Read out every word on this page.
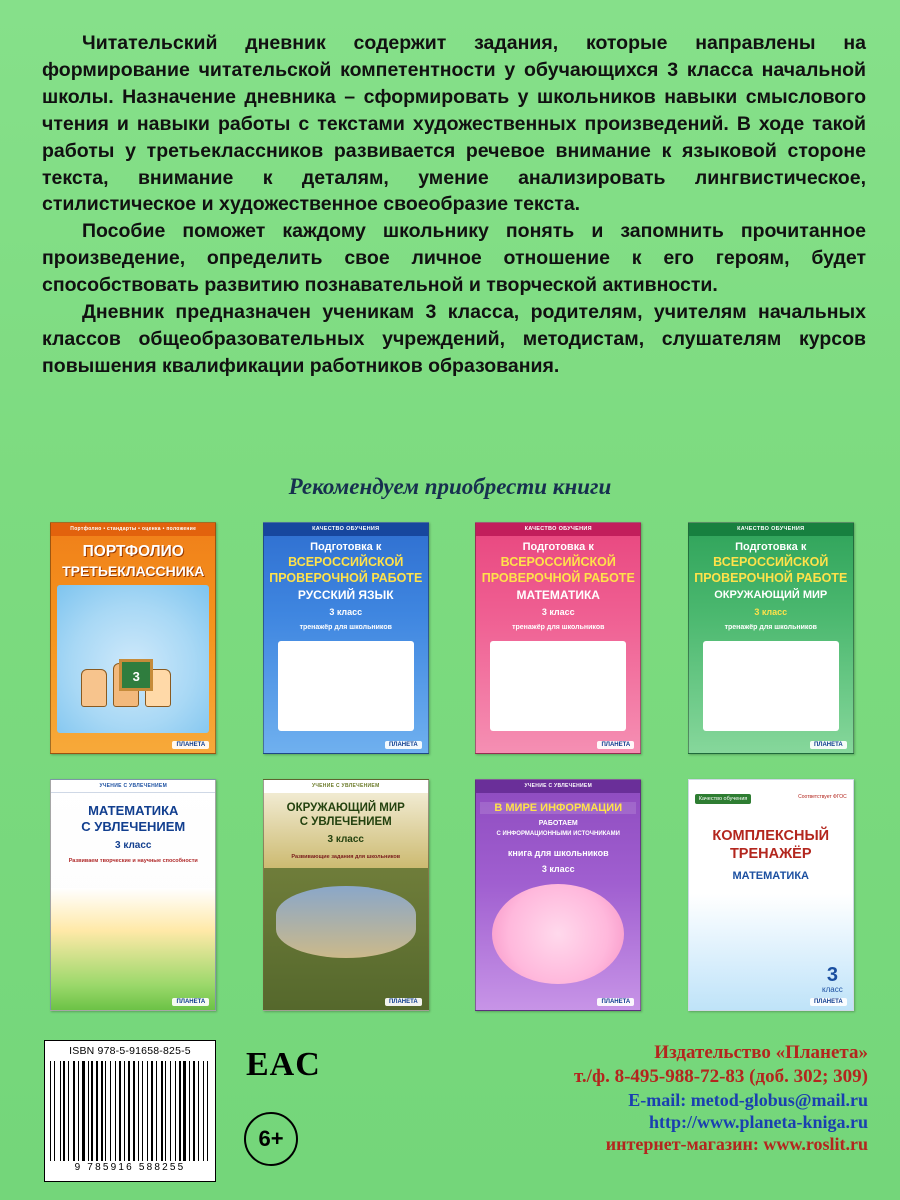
Читательский дневник содержит задания, которые направлены на формирование читательской компетентности у обучающихся 3 класса начальной школы. Назначение дневника – сформировать у школьников навыки смыслового чтения и навыки работы с текстами художественных произведений. В ходе такой работы у третьеклассников развивается речевое внимание к языковой стороне текста, внимание к деталям, умение анализировать лингвистическое, стилистическое и художественное своеобразие текста.

Пособие поможет каждому школьнику понять и запомнить прочитанное произведение, определить свое личное отношение к его героям, будет способствовать развитию познавательной и творческой активности.

Дневник предназначен ученикам 3 класса, родителям, учителям начальных классов общеобразовательных учреждений, методистам, слушателям курсов повышения квалификации работников образования.

Рекомендуем приобрести книги
Портфолио • стандарты • оценка • положение
ПОРТФОЛИО
ТРЕТЬЕКЛАССНИКА
3
ПЛАНЕТА
КАЧЕСТВО ОБУЧЕНИЯ
Подготовка к
ВСЕРОССИЙСКОЙ
ПРОВЕРОЧНОЙ РАБОТЕ
РУССКИЙ ЯЗЫК
3 класс
тренажёр для школьников
ПЛАНЕТА
КАЧЕСТВО ОБУЧЕНИЯ
Подготовка к
ВСЕРОССИЙСКОЙ
ПРОВЕРОЧНОЙ РАБОТЕ
МАТЕМАТИКА
3 класс
тренажёр для школьников
ПЛАНЕТА
КАЧЕСТВО ОБУЧЕНИЯ
Подготовка к
ВСЕРОССИЙСКОЙ
ПРОВЕРОЧНОЙ РАБОТЕ
ОКРУЖАЮЩИЙ МИР
3 класс
тренажёр для школьников
ПЛАНЕТА
УЧЕНИЕ С УВЛЕЧЕНИЕМ
МАТЕМАТИКА
С УВЛЕЧЕНИЕМ
3 класс
Развиваем творческие и научные способности
ПЛАНЕТА
УЧЕНИЕ С УВЛЕЧЕНИЕМ
ОКРУЖАЮЩИЙ МИР
С УВЛЕЧЕНИЕМ
3 класс
Развивающие задания для школьников
ПЛАНЕТА
УЧЕНИЕ С УВЛЕЧЕНИЕМ
В МИРЕ ИНФОРМАЦИИ
РАБОТАЕМ
С ИНФОРМАЦИОННЫМИ ИСТОЧНИКАМИ
книга для школьников
3 класс
ПЛАНЕТА
Качество обучения	Соответствует ФГОС
КОМПЛЕКСНЫЙ
ТРЕНАЖЁР
МАТЕМАТИКА
3
класс
ПЛАНЕТА
ISBN 978-5-91658-825-5
9 785916 588255
ЕAC
6+
Издательство «Планета»
т./ф. 8-495-988-72-83 (доб. 302; 309)
E-mail: metod-globus@mail.ru
http://www.planeta-kniga.ru
интернет-магазин: www.roslit.ru
